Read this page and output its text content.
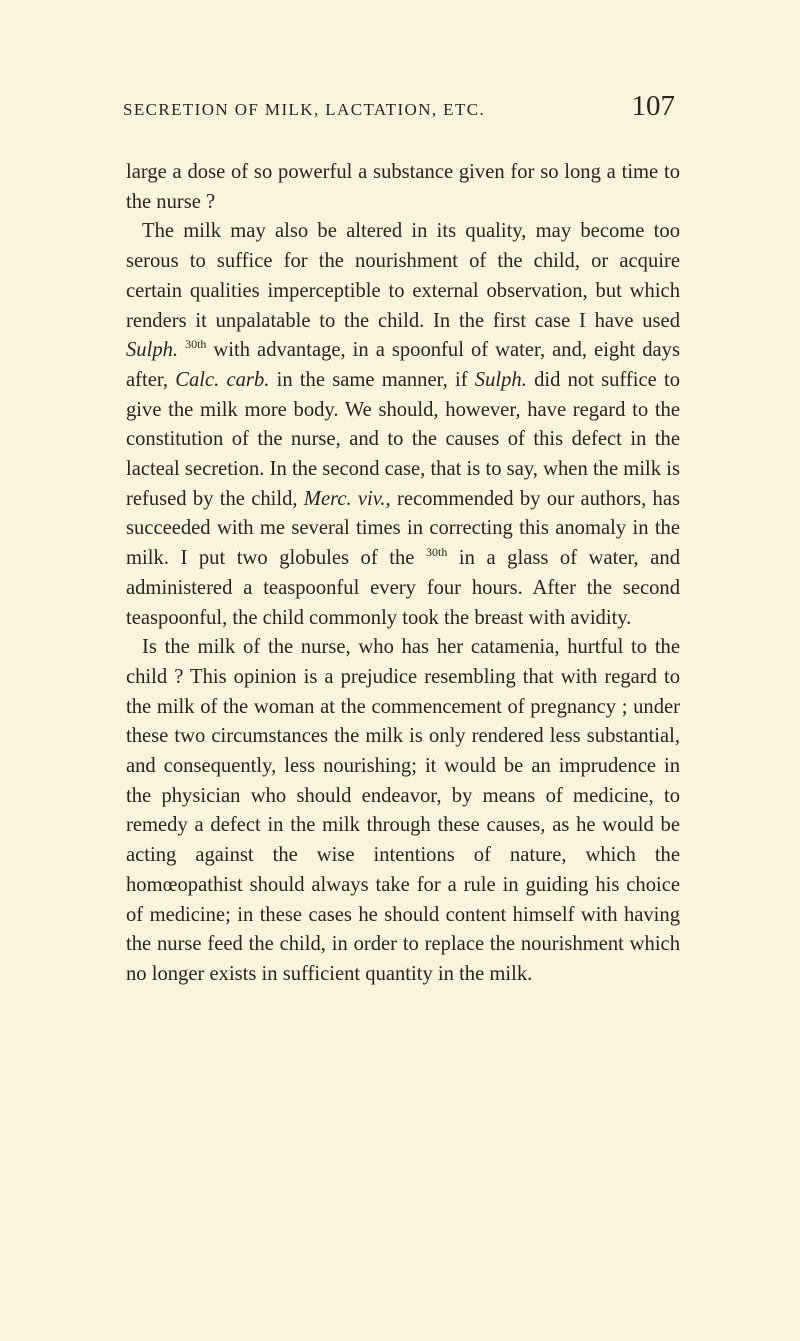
SECRETION OF MILK, LACTATION, ETC.	107

large a dose of so powerful a substance given for so long a time to the nurse ?

The milk may also be altered in its quality, may become too serous to suffice for the nourishment of the child, or acquire certain qualities imperceptible to external observation, but which renders it unpalatable to the child. In the first case I have used Sulph. $^{30th}$ with advantage, in a spoonful of water, and, eight days after, Calc. carb. in the same manner, if Sulph. did not suffice to give the milk more body. We should, however, have regard to the constitution of the nurse, and to the causes of this defect in the lacteal secretion. In the second case, that is to say, when the milk is refused by the child, Merc. viv., recommended by our authors, has succeeded with me several times in correcting this anomaly in the milk. I put two globules of the $^{30th}$ in a glass of water, and administered a teaspoonful every four hours. After the second teaspoonful, the child commonly took the breast with avidity.

Is the milk of the nurse, who has her catamenia, hurtful to the child ? This opinion is a prejudice resembling that with regard to the milk of the woman at the commencement of pregnancy ; under these two circumstances the milk is only rendered less substantial, and consequently, less nourishing; it would be an imprudence in the physician who should endeavor, by means of medicine, to remedy a defect in the milk through these causes, as he would be acting against the wise intentions of nature, which the homœopathist should always take for a rule in guiding his choice of medicine; in these cases he should content himself with having the nurse feed the child, in order to replace the nourishment which no longer exists in sufficient quantity in the milk.
